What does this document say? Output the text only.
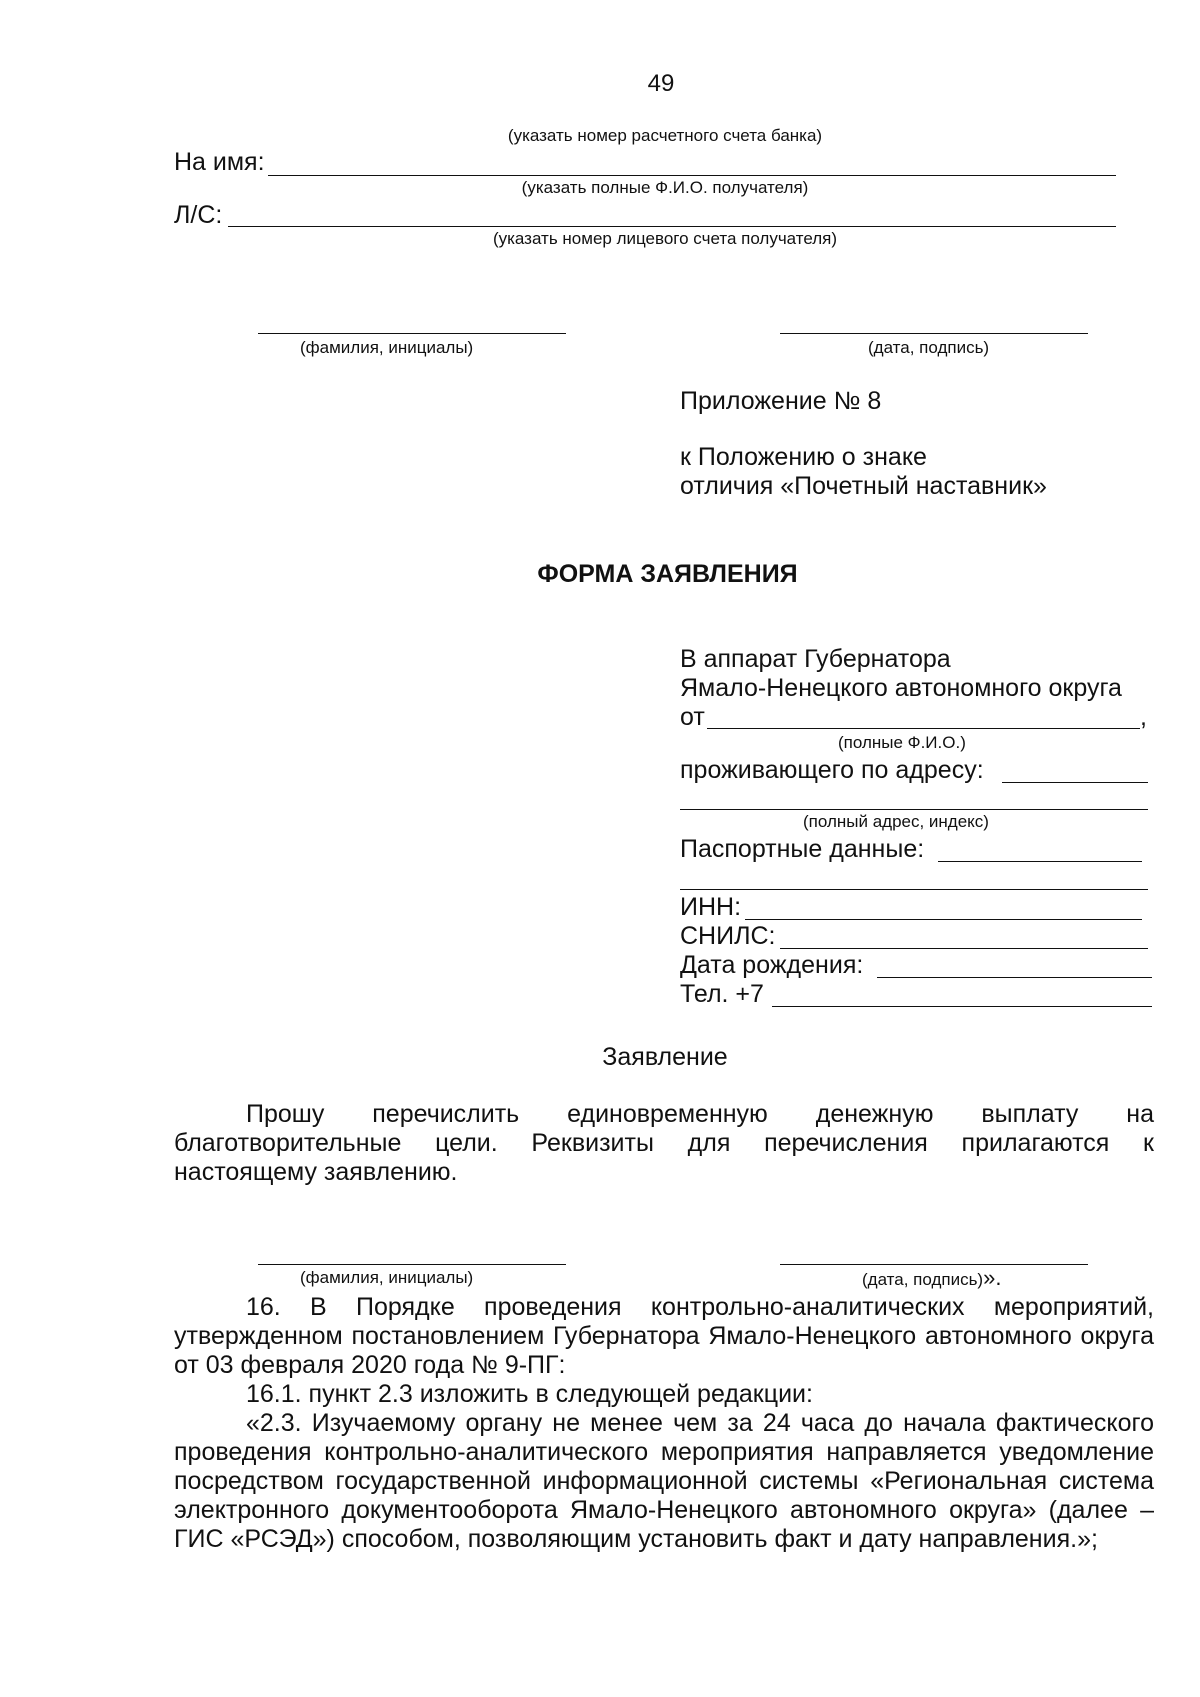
49
(указать номер расчетного счета банка)
На имя:
(указать полные Ф.И.О. получателя)
Л/С:
(указать номер лицевого счета получателя)
(фамилия, инициалы)	(дата, подпись)
Приложение № 8
к Положению о знаке
отличия «Почетный наставник»
ФОРМА ЗАЯВЛЕНИЯ
В аппарат Губернатора
Ямало-Ненецкого автономного округа
от	,
(полные Ф.И.О.)
проживающего по адресу:
(полный адрес, индекс)
Паспортные данные:
ИНН:
СНИЛС:
Дата рождения:
Тел. +7
Заявление
Прошу перечислить единовременную денежную выплату на
благотворительные цели. Реквизиты для перечисления прилагаются к
настоящему заявлению.
(фамилия, инициалы)	(дата, подпись)».
16. В Порядке проведения контрольно-аналитических мероприятий, утвержденном постановлением Губернатора Ямало-Ненецкого автономного округа от 03 февраля 2020 года № 9-ПГ:
16.1. пункт 2.3 изложить в следующей редакции:
«2.3. Изучаемому органу не менее чем за 24 часа до начала фактического проведения контрольно-аналитического мероприятия направляется уведомление посредством государственной информационной системы «Региональная система электронного документооборота Ямало-Ненецкого автономного округа» (далее – ГИС «РСЭД») способом, позволяющим установить факт и дату направления.»;
